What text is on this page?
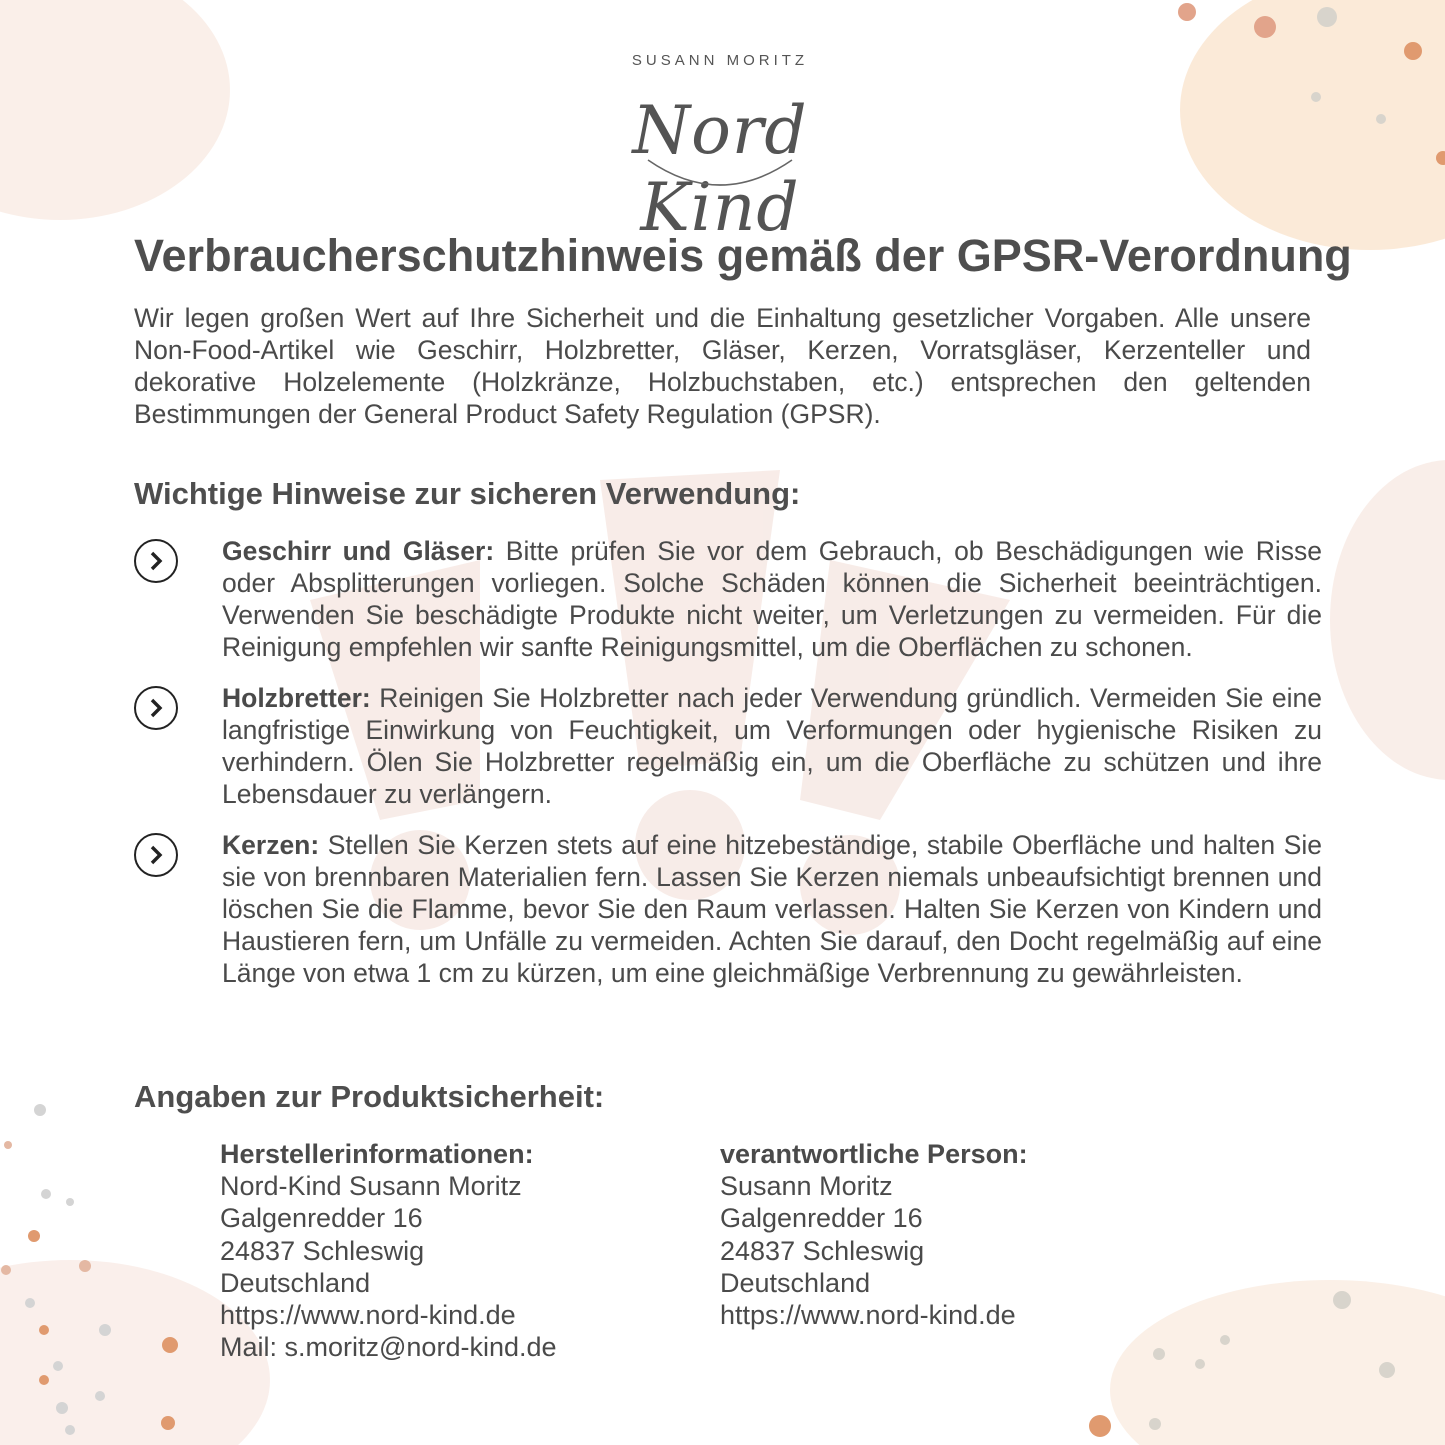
SUSANN MORITZ
Nord Kind
Verbraucherschutzhinweis gemäß der GPSR-Verordnung

Wir legen großen Wert auf Ihre Sicherheit und die Einhaltung gesetzlicher Vorgaben. Alle unsere Non-Food-Artikel wie Geschirr, Holzbretter, Gläser, Kerzen, Vorratsgläser, Kerzenteller und dekorative Holzelemente (Holzkränze, Holzbuchstaben, etc.) entsprechen den geltenden Bestimmungen der General Product Safety Regulation (GPSR).

Wichtige Hinweise zur sicheren Verwendung:

Geschirr und Gläser: Bitte prüfen Sie vor dem Gebrauch, ob Beschädigungen wie Risse oder Absplitterungen vorliegen. Solche Schäden können die Sicherheit beeinträchtigen. Verwenden Sie beschädigte Produkte nicht weiter, um Verletzungen zu vermeiden. Für die Reinigung empfehlen wir sanfte Reinigungsmittel, um die Oberflächen zu schonen.

Holzbretter: Reinigen Sie Holzbretter nach jeder Verwendung gründlich. Vermeiden Sie eine langfristige Einwirkung von Feuchtigkeit, um Verformungen oder hygienische Risiken zu verhindern. Ölen Sie Holzbretter regelmäßig ein, um die Oberfläche zu schützen und ihre Lebensdauer zu verlängern.

Kerzen: Stellen Sie Kerzen stets auf eine hitzebeständige, stabile Oberfläche und halten Sie sie von brennbaren Materialien fern. Lassen Sie Kerzen niemals unbeaufsichtigt brennen und löschen Sie die Flamme, bevor Sie den Raum verlassen. Halten Sie Kerzen von Kindern und Haustieren fern, um Unfälle zu vermeiden. Achten Sie darauf, den Docht regelmäßig auf eine Länge von etwa 1 cm zu kürzen, um eine gleichmäßige Verbrennung zu gewährleisten.

Angaben zur Produktsicherheit:
Herstellerinformationen:
Nord-Kind Susann Moritz
Galgenredder 16
24837 Schleswig
Deutschland
https://www.nord-kind.de
Mail: s.moritz@nord-kind.de
verantwortliche Person:
Susann Moritz
Galgenredder 16
24837 Schleswig
Deutschland
https://www.nord-kind.de
